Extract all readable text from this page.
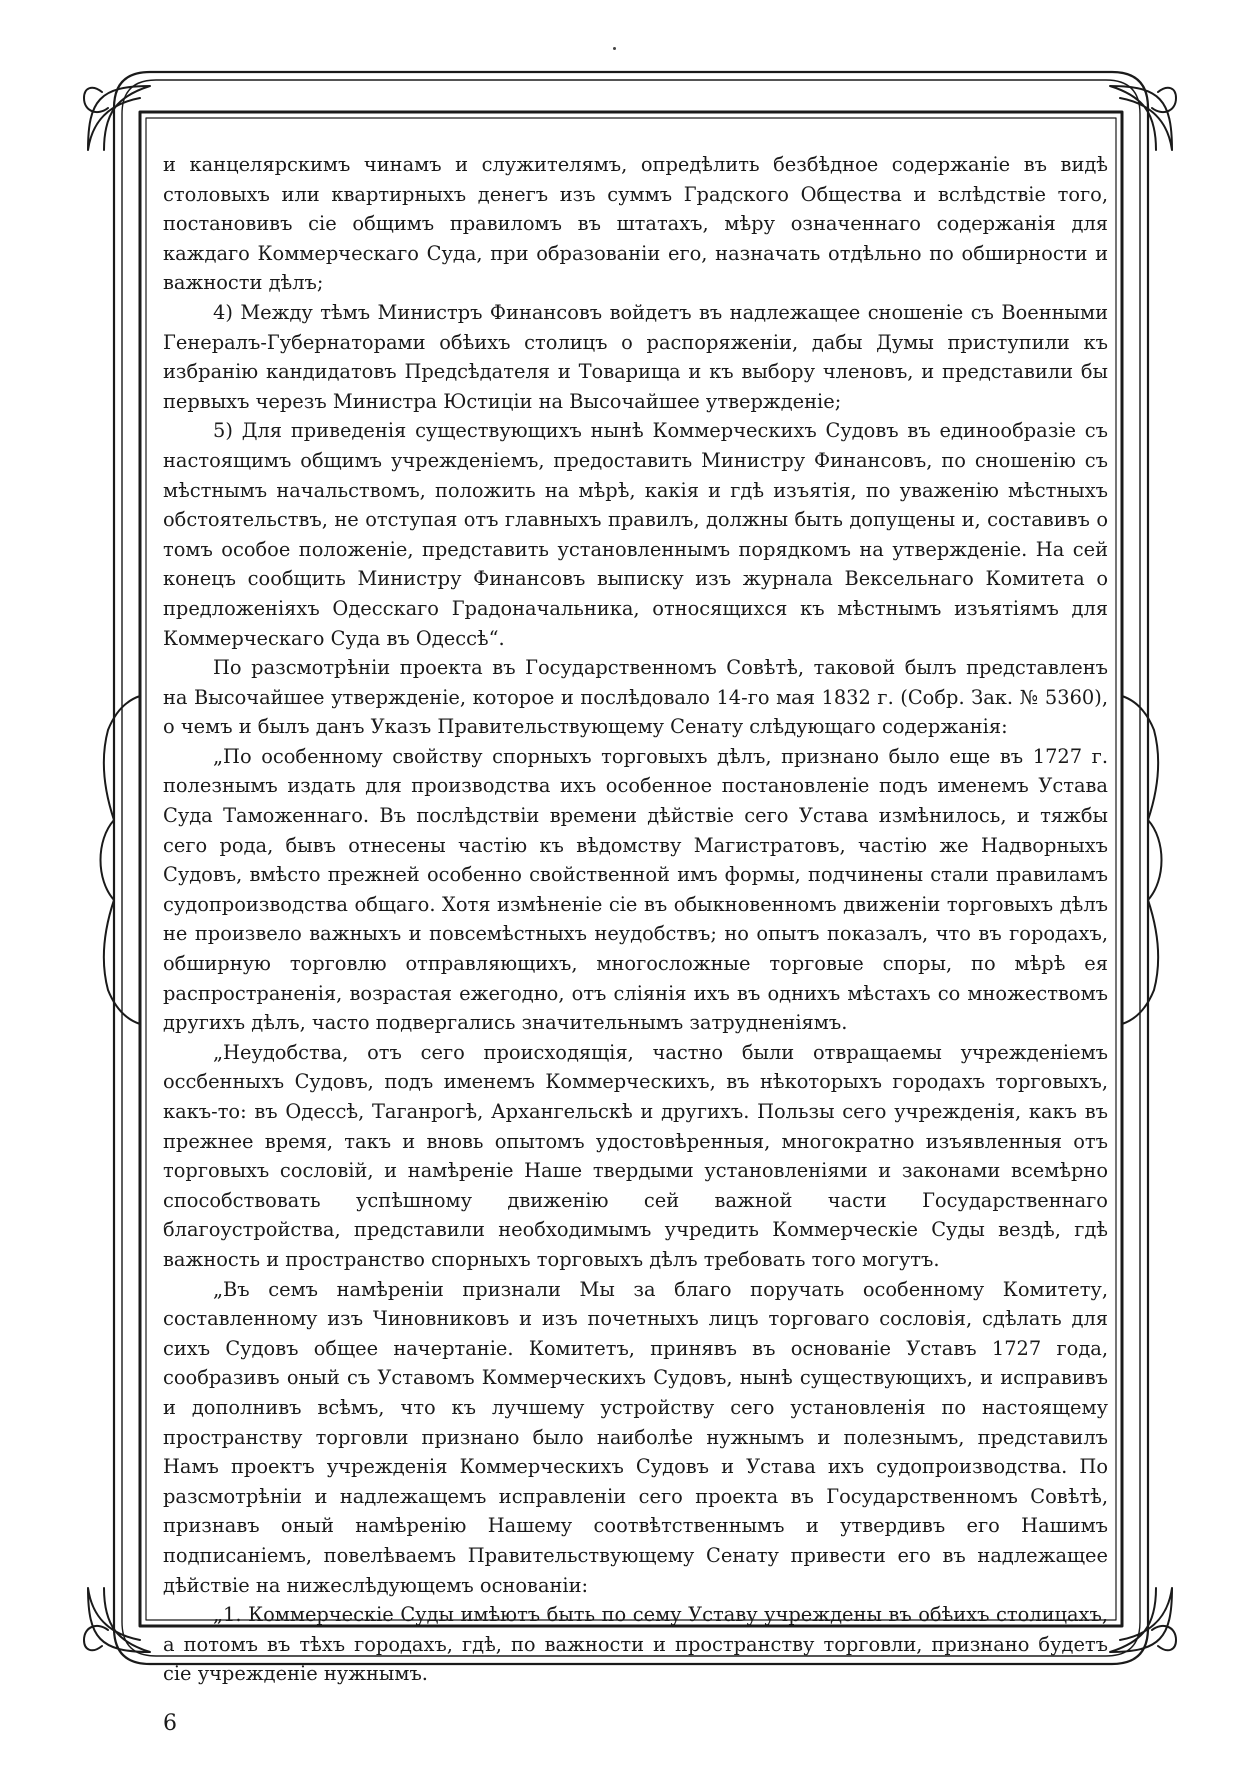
и канцелярскимъ чинамъ и служителямъ, опредѣлить безбѣдное содержаніе въ видѣ столовыхъ или квартирныхъ денегъ изъ суммъ Градского Общества и вслѣдствіе того, постановивъ сіе общимъ правиломъ въ штатахъ, мѣру означеннаго содержанія для каждаго Коммерческаго Суда, при образованіи его, назначать отдѣльно по обширности и важности дѣлъ;

4) Между тѣмъ Министръ Финансовъ войдетъ въ надлежащее сношеніе съ Военными Генералъ-Губернаторами обѣихъ столицъ о распоряженіи, дабы Думы приступили къ избранію кандидатовъ Предсѣдателя и Товарища и къ выбору членовъ, и представили бы первыхъ черезъ Министра Юстиціи на Высочайшее утвержденіе;

5) Для приведенія существующихъ нынѣ Коммерческихъ Судовъ въ единообразіе съ настоящимъ общимъ учрежденіемъ, предоставить Министру Финансовъ, по сношенію съ мѣстнымъ начальствомъ, положить на мѣрѣ, какія и гдѣ изъятія, по уваженію мѣстныхъ обстоятельствъ, не отступая отъ главныхъ правилъ, должны быть допущены и, составивъ о томъ особое положеніе, представить установленнымъ порядкомъ на утвержденіе. На сей конецъ сообщить Министру Финансовъ выписку изъ журнала Вексельнаго Комитета о предложеніяхъ Одесскаго Градоначальника, относящихся къ мѣстнымъ изъятіямъ для Коммерческаго Суда въ Одессѣ“.

По разсмотрѣніи проекта въ Государственномъ Совѣтѣ, таковой былъ представленъ на Высочайшее утвержденіе, которое и послѣдовало 14-го мая 1832 г. (Собр. Зак. № 5360), о чемъ и былъ данъ Указъ Правительствующему Сенату слѣдующаго содержанія:

„По особенному свойству спорныхъ торговыхъ дѣлъ, признано было еще въ 1727 г. полезнымъ издать для производства ихъ особенное постановленіе подъ именемъ Устава Суда Таможеннаго. Въ послѣдствіи времени дѣйствіе сего Устава измѣнилось, и тяжбы сего рода, бывъ отнесены частію къ вѣдомству Магистратовъ, частію же Надворныхъ Судовъ, вмѣсто прежней особенно свойственной имъ формы, подчинены стали правиламъ судопроизводства общаго. Хотя измѣненіе сіе въ обыкновенномъ движеніи торговыхъ дѣлъ не произвело важныхъ и повсемѣстныхъ неудобствъ; но опытъ показалъ, что въ городахъ, обширную торговлю отправляющихъ, многосложные торговые споры, по мѣрѣ ея распространенія, возрастая ежегодно, отъ сліянія ихъ въ однихъ мѣстахъ со множествомъ другихъ дѣлъ, часто подвергались значительнымъ затрудненіямъ.

„Неудобства, отъ сего происходящія, частно были отвращаемы учрежденіемъ оссбенныхъ Судовъ, подъ именемъ Коммерческихъ, въ нѣкоторыхъ городахъ торговыхъ, какъ-то: въ Одессѣ, Таганрогѣ, Архангельскѣ и другихъ. Пользы сего учрежденія, какъ въ прежнее время, такъ и вновь опытомъ удостовѣренныя, многократно изъявленныя отъ торговыхъ сословій, и намѣреніе Наше твердыми установленіями и законами всемѣрно способствовать успѣшному движенію сей важной части Государственнаго благоустройства, представили необходимымъ учредить Коммерческіе Суды вездѣ, гдѣ важность и пространство спорныхъ торговыхъ дѣлъ требовать того могутъ.

„Въ семъ намѣреніи признали Мы за благо поручать особенному Комитету, составленному изъ Чиновниковъ и изъ почетныхъ лицъ торговаго сословія, сдѣлать для сихъ Судовъ общее начертаніе. Комитетъ, принявъ въ основаніе Уставъ 1727 года, сообразивъ оный съ Уставомъ Коммерческихъ Судовъ, нынѣ существующихъ, и исправивъ и дополнивъ всѣмъ, что къ лучшему устройству сего установленія по настоящему пространству торговли признано было наиболѣе нужнымъ и полезнымъ, представилъ Намъ проектъ учрежденія Коммерческихъ Судовъ и Устава ихъ судопроизводства. По разсмотрѣніи и надлежащемъ исправленіи сего проекта въ Государственномъ Совѣтѣ, признавъ оный намѣренію Нашему соотвѣтственнымъ и утвердивъ его Нашимъ подписаніемъ, повелѣваемъ Правительствующему Сенату привести его въ надлежащее дѣйствіе на нижеслѣдующемъ основаніи:

„1. Коммерческіе Суды имѣютъ быть по сему Уставу учреждены въ обѣихъ столицахъ, а потомъ въ тѣхъ городахъ, гдѣ, по важности и пространству торговли, признано будетъ сіе учрежденіе нужнымъ.

6
